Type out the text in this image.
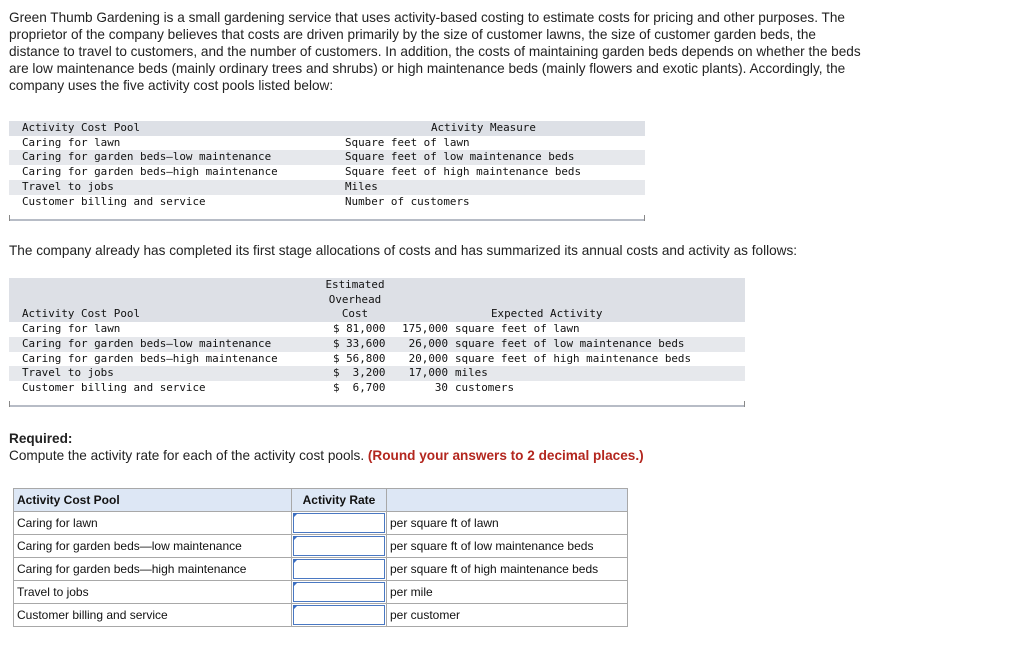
Green Thumb Gardening is a small gardening service that uses activity-based costing to estimate costs for pricing and other purposes. The proprietor of the company believes that costs are driven primarily by the size of customer lawns, the size of customer garden beds, the distance to travel to customers, and the number of customers. In addition, the costs of maintaining garden beds depends on whether the beds are low maintenance beds (mainly ordinary trees and shrubs) or high maintenance beds (mainly flowers and exotic plants). Accordingly, the company uses the five activity cost pools listed below:

Activity Cost Pool	Activity Measure
Caring for lawn	Square feet of lawn
Caring for garden beds–low maintenance	Square feet of low maintenance beds
Caring for garden beds–high maintenance	Square feet of high maintenance beds
Travel to jobs	Miles
Customer billing and service	Number of customers

The company already has completed its first stage allocations of costs and has summarized its annual costs and activity as follows:

	Estimated		
	Overhead		
Activity Cost Pool	Cost		Expected Activity
Caring for lawn	$ 81,000	175,000	square feet of lawn
Caring for garden beds–low maintenance	$ 33,600	26,000	square feet of low maintenance beds
Caring for garden beds–high maintenance	$ 56,800	20,000	square feet of high maintenance beds
Travel to jobs	$  3,200	17,000	miles
Customer billing and service	$  6,700	30	customers

Required:

Compute the activity rate for each of the activity cost pools. (Round your answers to 2 decimal places.)

Activity Cost Pool	Activity Rate	
Caring for lawn		per square ft of lawn
Caring for garden beds—low maintenance		per square ft of low maintenance beds
Caring for garden beds—high maintenance		per square ft of high maintenance beds
Travel to jobs		per mile
Customer billing and service		per customer
